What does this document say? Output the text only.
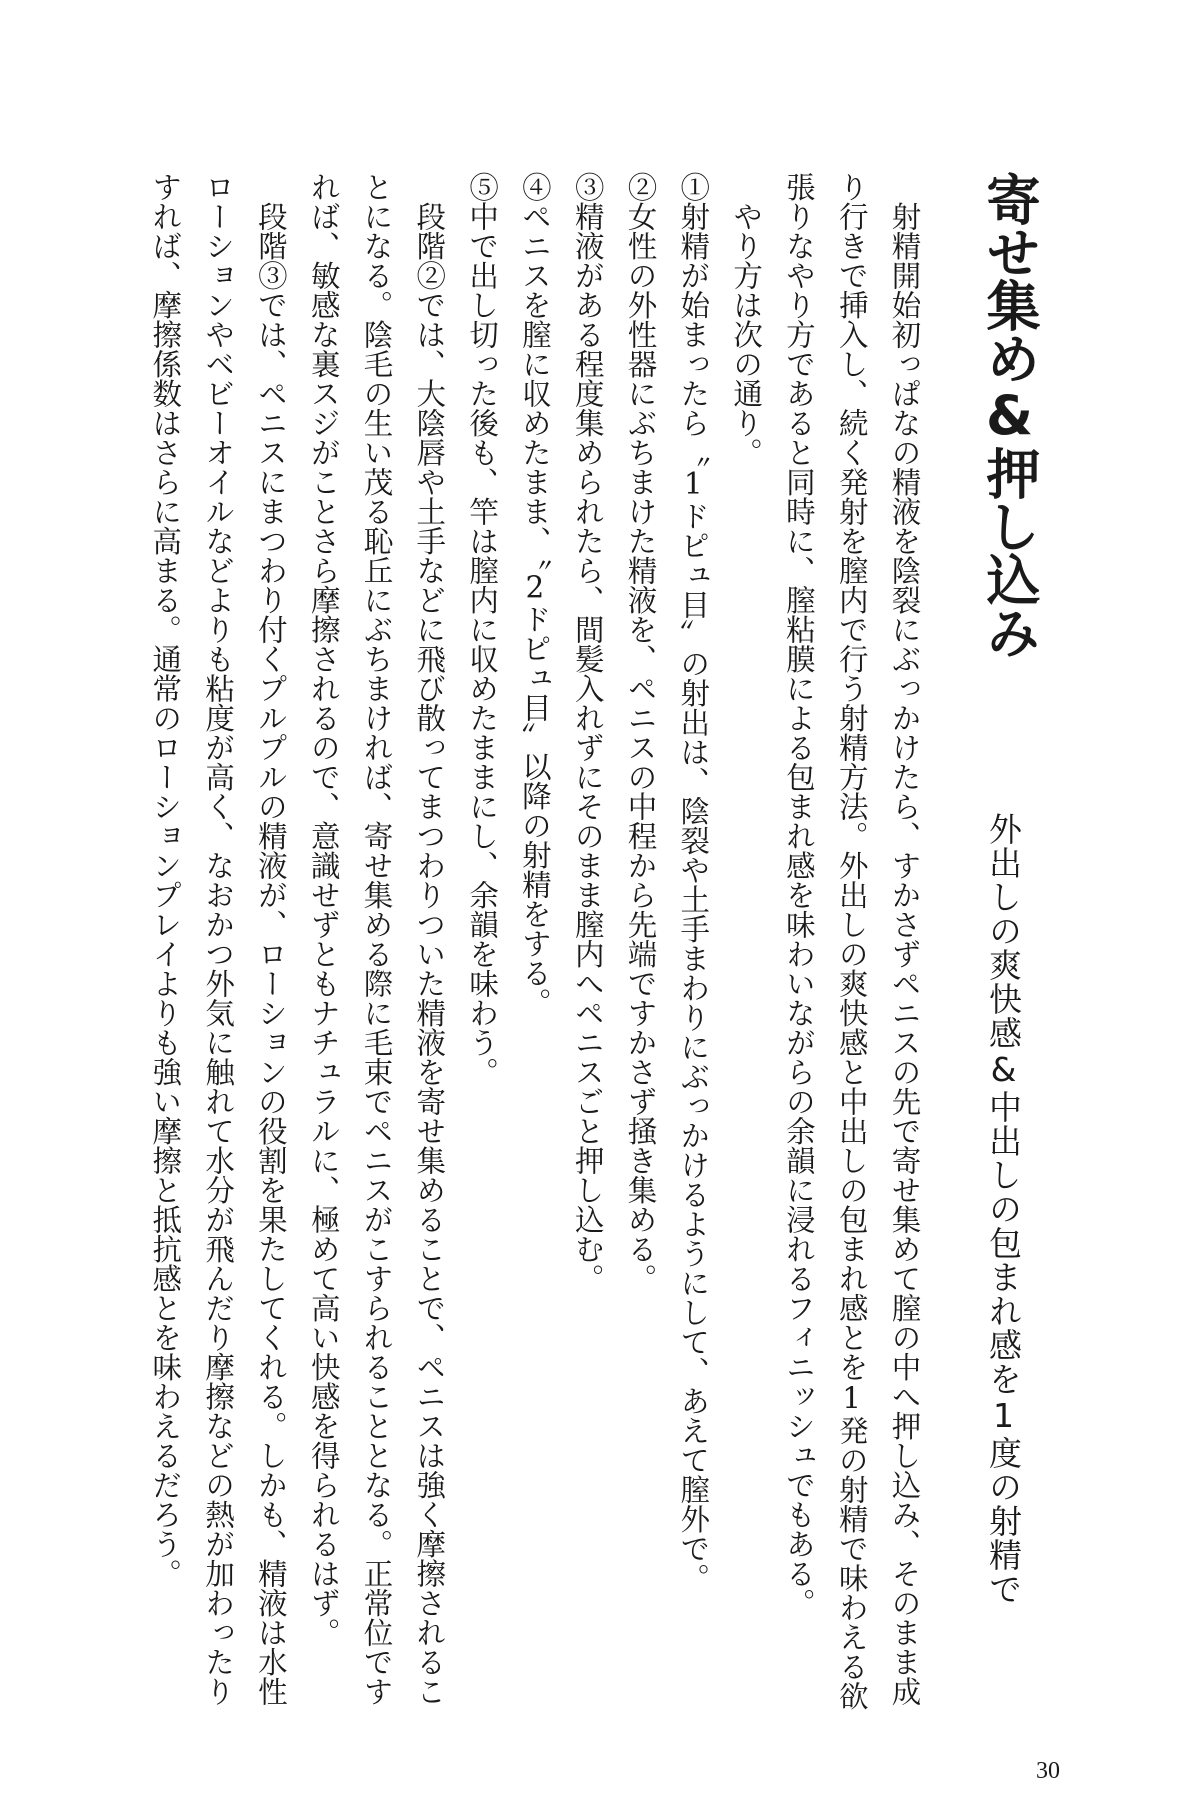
寄せ集め&押し込み
外出しの爽快感&中出しの包まれ感を1度の射精で
　射精開始初っぱなの精液を陰裂にぶっかけたら、すかさずペニスの先で寄せ集めて膣の中へ押し込み、そのまま成
り行きで挿入し、続く発射を膣内で行う射精方法。外出しの爽快感と中出しの包まれ感とを1発の射精で味わえる欲
張りなやり方であると同時に、膣粘膜による包まれ感を味わいながらの余韻に浸れるフィニッシュでもある。
　やり方は次の通り。
①射精が始まったら〝1ドピュ目〟の射出は、陰裂や土手まわりにぶっかけるようにして、あえて膣外で。
②女性の外性器にぶちまけた精液を、ペニスの中程から先端ですかさず掻き集める。
③精液がある程度集められたら、間髪入れずにそのまま膣内へペニスごと押し込む。
④ペニスを膣に収めたまま、〝2ドピュ目〟以降の射精をする。
⑤中で出し切った後も、竿は膣内に収めたままにし、余韻を味わう。
　段階②では、大陰唇や土手などに飛び散ってまつわりついた精液を寄せ集めることで、ペニスは強く摩擦されるこ
とになる。陰毛の生い茂る恥丘にぶちまければ、寄せ集める際に毛束でペニスがこすられることとなる。正常位です
れば、敏感な裏スジがことさら摩擦されるので、意識せずともナチュラルに、極めて高い快感を得られるはず。
　段階③では、ペニスにまつわり付くプルプルの精液が、ローションの役割を果たしてくれる。しかも、精液は水性
ローションやベビーオイルなどよりも粘度が高く、なおかつ外気に触れて水分が飛んだり摩擦などの熱が加わったり
すれば、摩擦係数はさらに高まる。通常のローションプレイよりも強い摩擦と抵抗感とを味わえるだろう。
30
